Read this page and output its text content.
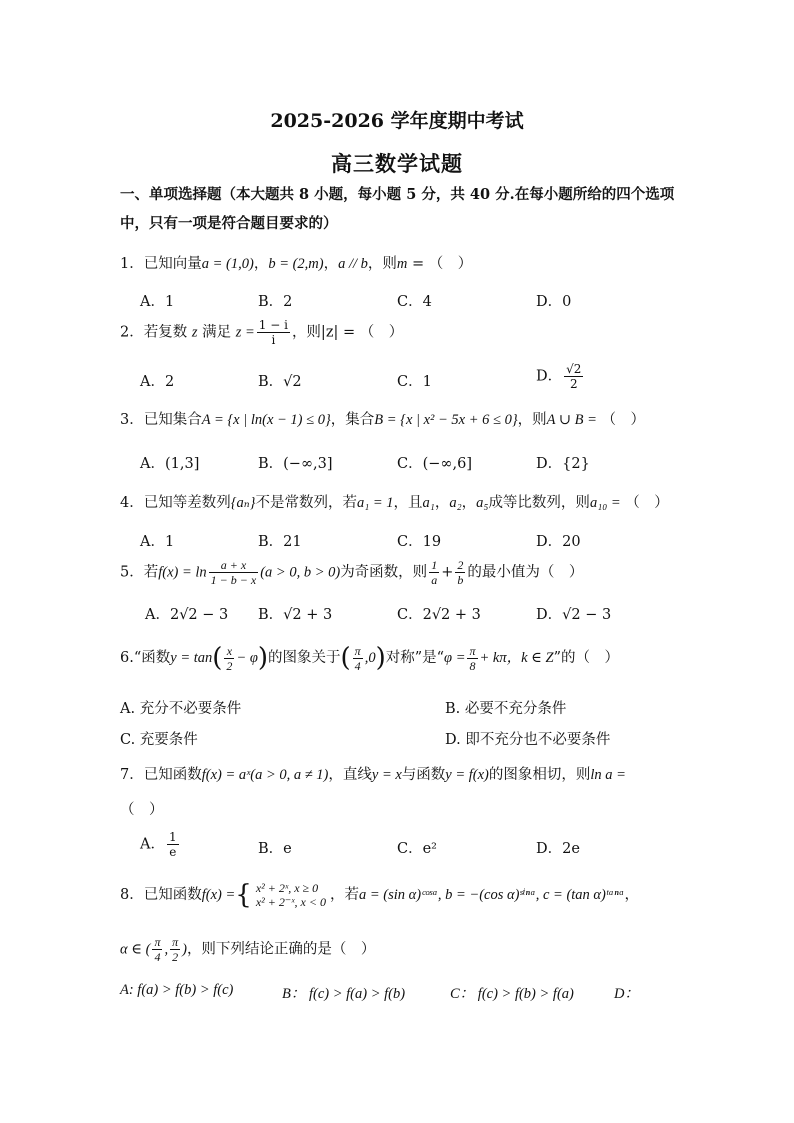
2025-2026 学年度期中考试
高三数学试题
一、单项选择题（本大题共 8 小题，每小题 5 分，共 40 分.在每小题所给的四个选项中，只有一项是符合题目要求的）
1．已知向量a = (1,0)，b = (2,m)，a // b，则m = （　）
A．1	B．2	C．4	D．0
2．若复数 z 满足 $z = \frac{1 - i}{i}$ ，则|z| = （　）
A．2	B．√2	C．1	D． $\frac{√2}{2}$
3．已知集合A = {x | ln(x − 1) ≤ 0}，集合B = {x | x² − 5x + 6 ≤ 0}，则A ∪ B = （　）
A．(1,3]	B．(−∞,3]	C．(−∞,6]	D．{2}
4．已知等差数列{aₙ}不是常数列，若a₁ = 1，且a₁，a₂，a₅成等比数列，则a₁₀ = （　）
A．1	B．21	C．19	D．20
5．若$f(x) = \ln \frac{a + x}{1 - b - x} (a > 0$, b > 0)为奇函数，则 $\frac{1}{a} + \frac{2}{b}$ 的最小值为（　）
A．2√2 − 3 B．√2 + 3	C．2√2 + 3	D．√2 − 3
6.“函数$y = \tan( \frac{x}{2} - \varphi)$的图象关于( $\frac{\pi}{4} ,0$)对称”是“$\varphi = \frac{\pi}{8} + k\pi$，k ∈ Z”的（　）
A. 充分不必要条件	B. 必要不充分条件
C. 充要条件	D. 即不充分也不必要条件
7．已知函数f(x) = aˣ(a > 0, a ≠ 1)，直线y = x与函数y = f(x)的图象相切，则ln a =
（　）
A． $\frac{1}{e}$	B．e	C．e²	D．2e
8．已知函数f(x) ={ x² + 2ˣ, x ≥ 0
x² + 2⁻ˣ, x < 0 ，若a = (sin α)ᶜᵒˢᵅ, b = −(cos α)ˢⁱⁿᵅ, c = (tan α)ᵗᵃⁿᵅ，
α ∈ ( $\frac{\pi}{4}$ , $\frac{\pi}{2}$ )，则下列结论正确的是（　）
A: f(a) > f(b) > f(c)	B： f(c) > f(a) > f(b)	C： f(c) > f(b) > f(a)	D：
